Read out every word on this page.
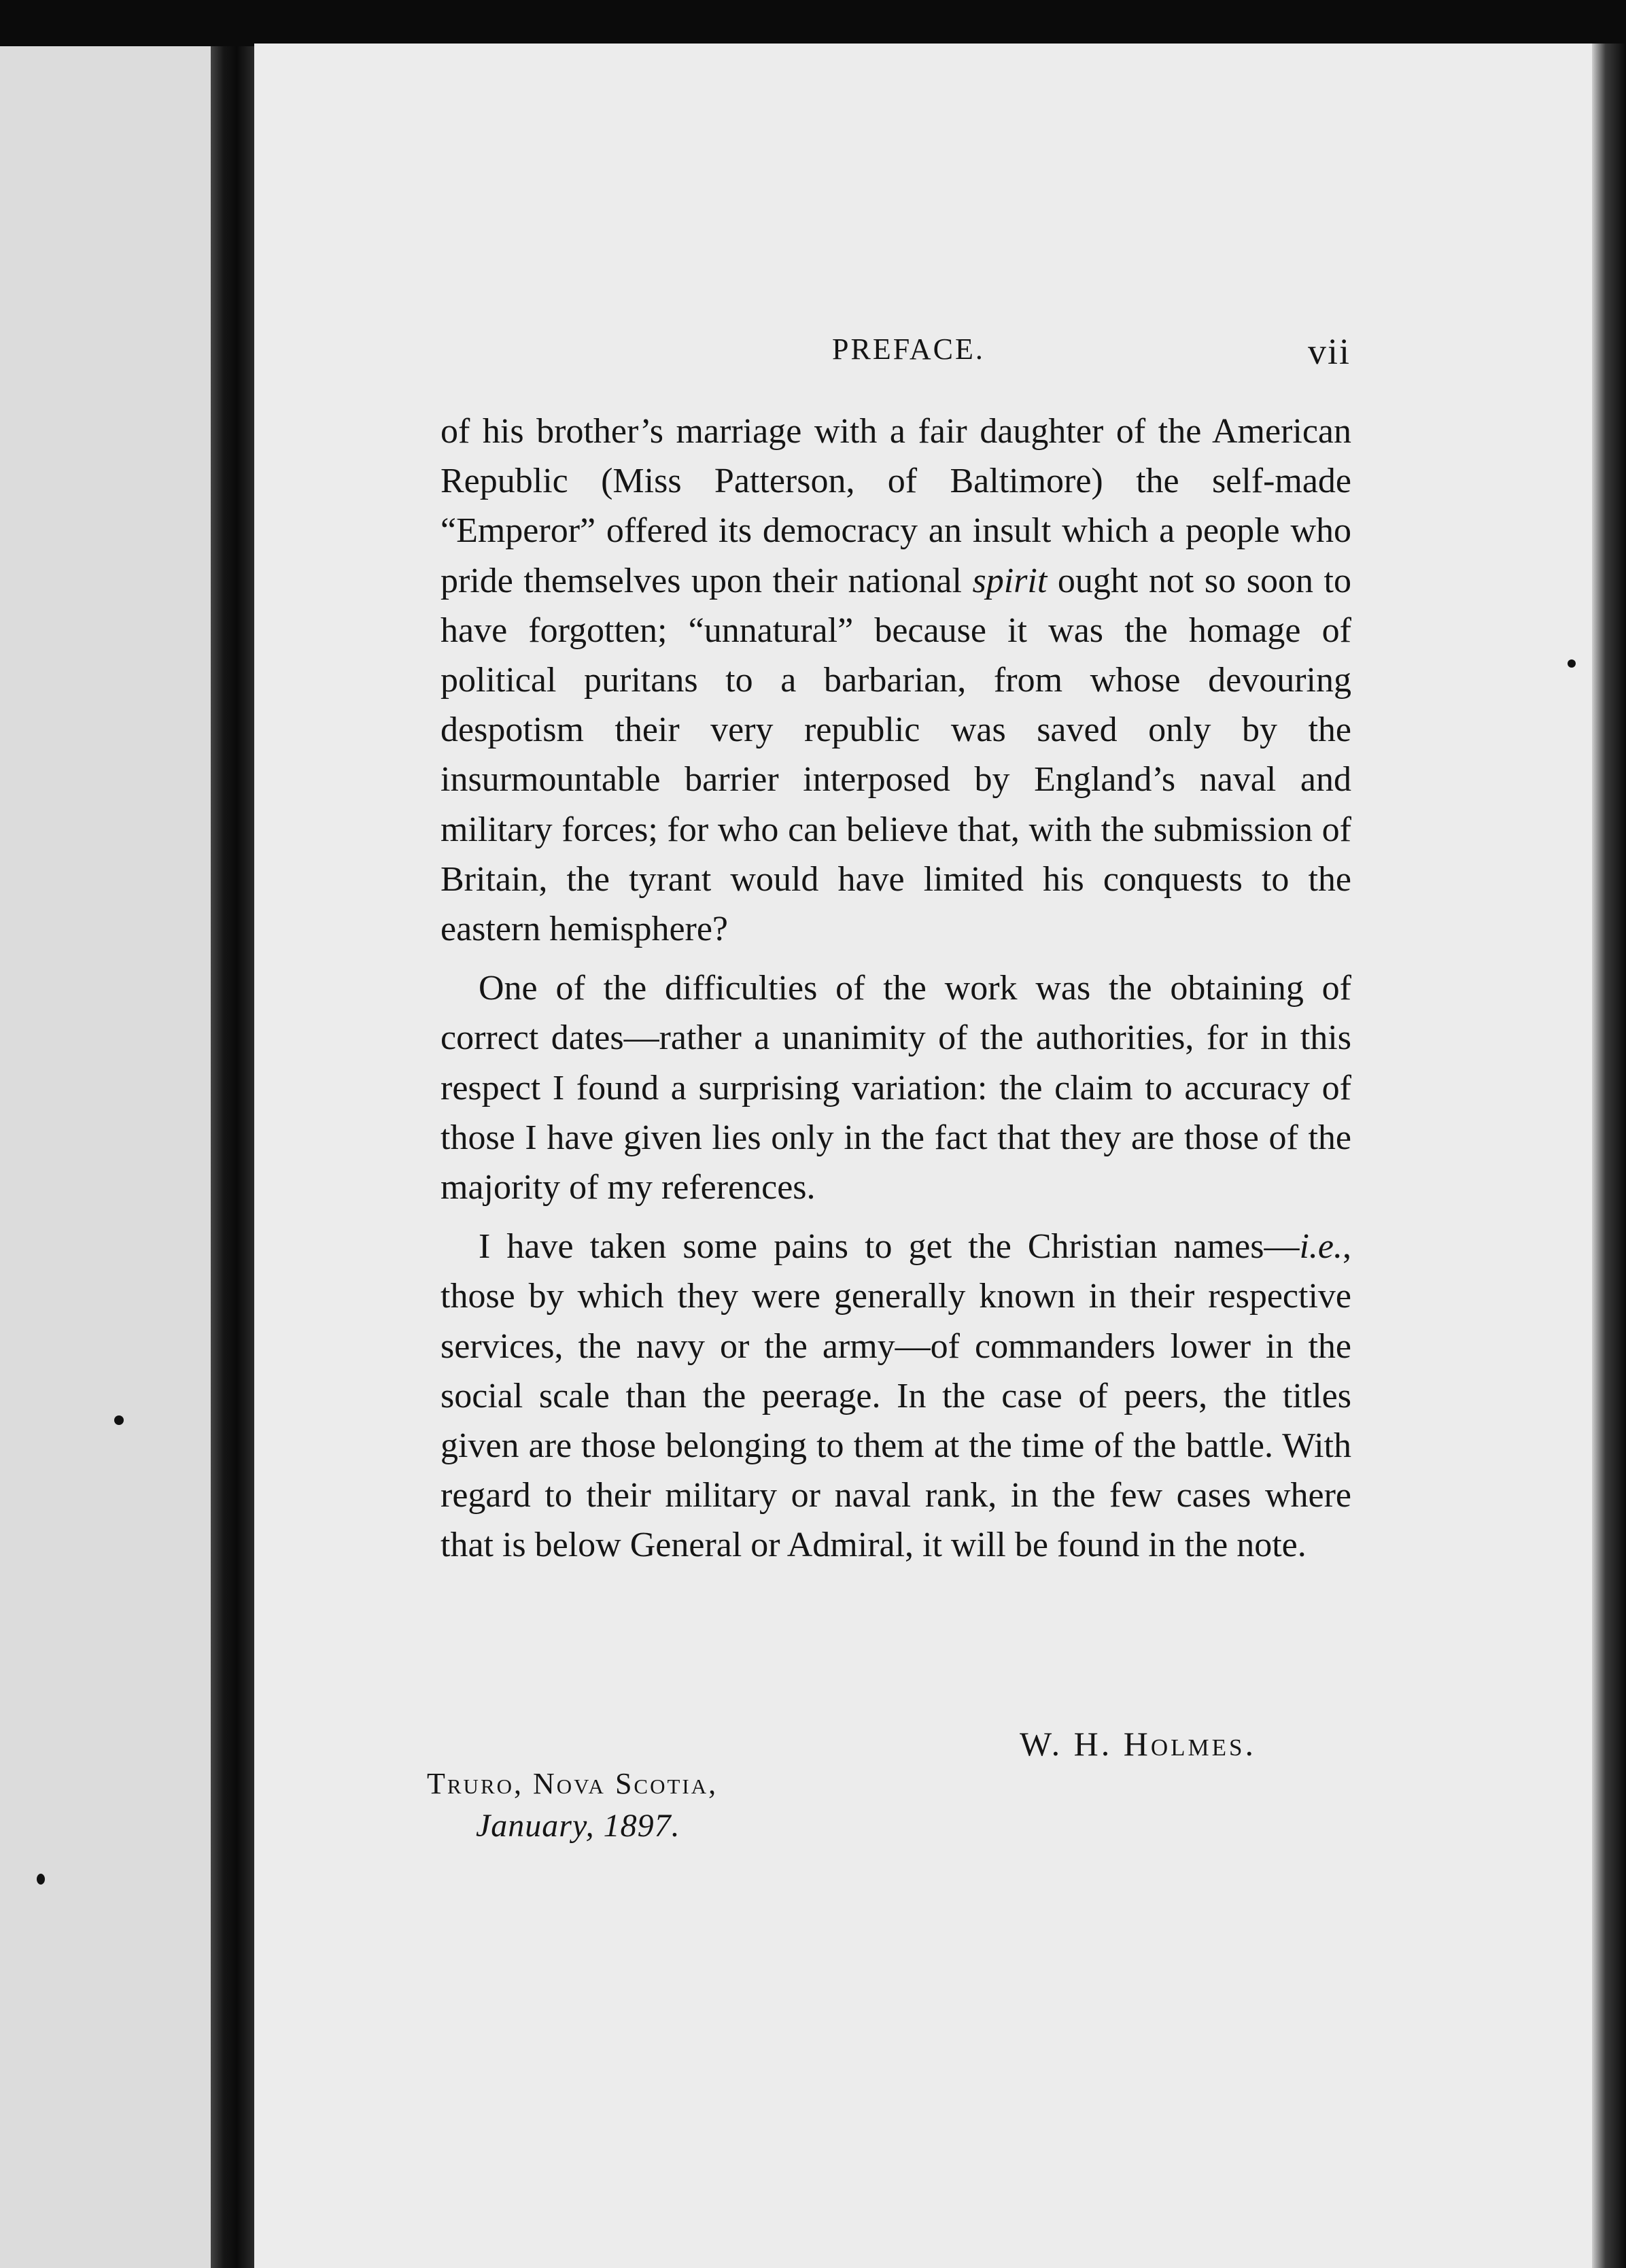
PREFACE.	vii

of his brother’s marriage with a fair daughter of the American Republic (Miss Patterson, of Baltimore) the self-made “Emperor” offered its democracy an insult which a people who pride themselves upon their national spirit ought not so soon to have forgotten; “unnatural” because it was the homage of political puritans to a barbarian, from whose devouring despotism their very republic was saved only by the insurmountable barrier interposed by England’s naval and military forces; for who can believe that, with the submission of Britain, the tyrant would have limited his conquests to the eastern hemisphere?

One of the difficulties of the work was the obtaining of correct dates—rather a unanimity of the authorities, for in this respect I found a surprising variation: the claim to accuracy of those I have given lies only in the fact that they are those of the majority of my references.

I have taken some pains to get the Christian names—i.e., those by which they were generally known in their respective services, the navy or the army—of commanders lower in the social scale than the peerage. In the case of peers, the titles given are those belonging to them at the time of the battle. With regard to their military or naval rank, in the few cases where that is below General or Admiral, it will be found in the note.

W. H. Holmes.
Truro, Nova Scotia,
January, 1897.
